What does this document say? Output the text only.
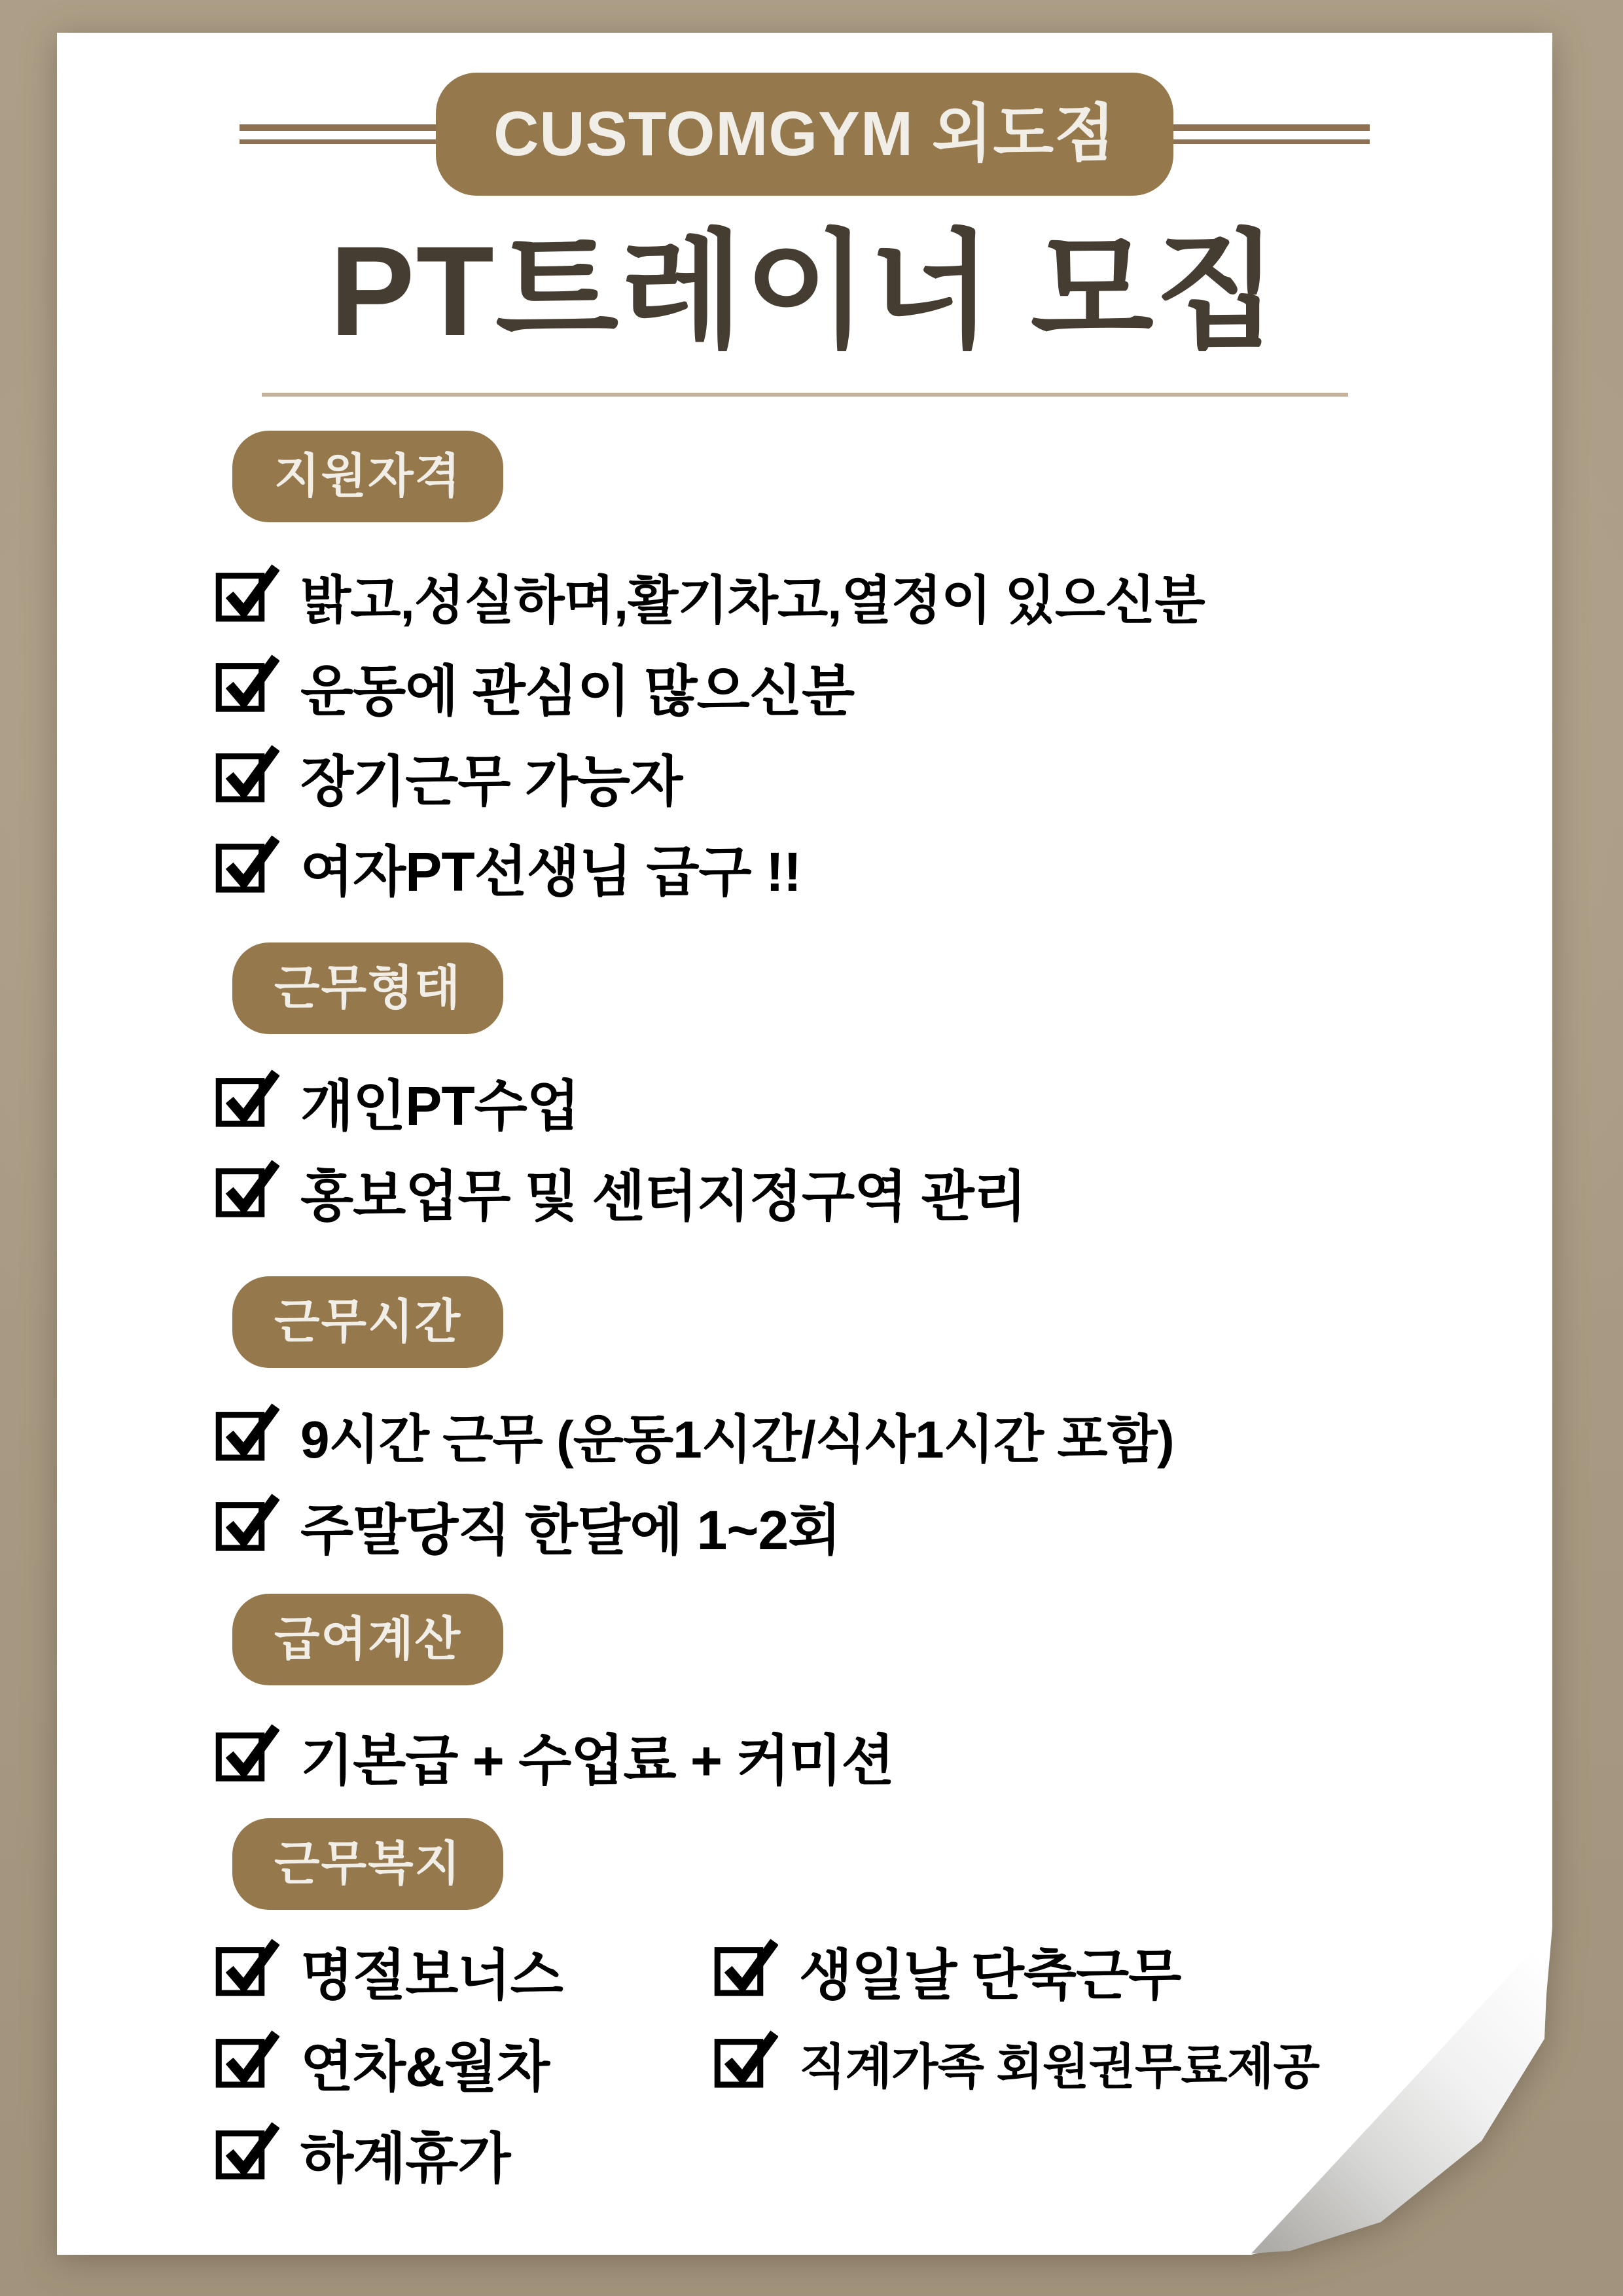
CUSTOMGYM 외도점
PT트레이너 모집
지원자격
밝고,성실하며,활기차고,열정이 있으신분
운동에 관심이 많으신분
장기근무 가능자
여자PT선생님 급구 !!
근무형태
개인PT수업
홍보업무 및 센터지정구역 관리
근무시간
9시간 근무 (운동1시간/식사1시간 포함)
주말당직 한달에 1~2회
급여계산
기본급 + 수업료 + 커미션
근무복지
명절보너스	생일날 단축근무
연차&월차	직계가족 회원권무료제공
하계휴가
